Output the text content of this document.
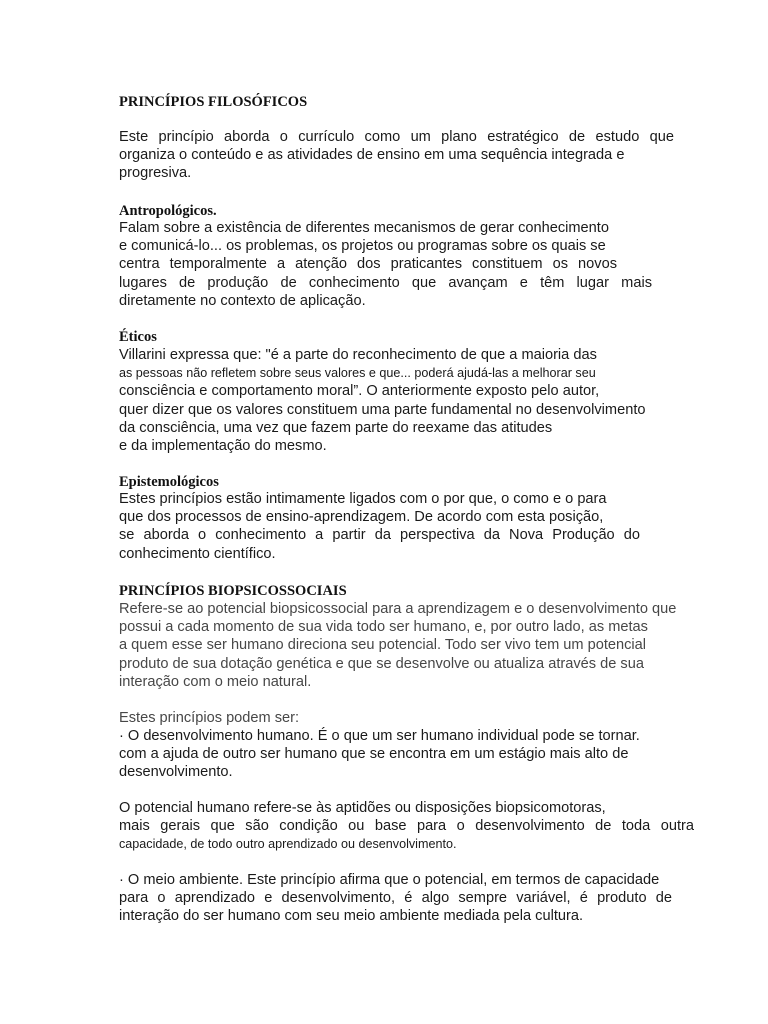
PRINCÍPIOS FILOSÓFICOS
Este princípio aborda o currículo como um plano estratégico de estudo que
organiza o conteúdo e as atividades de ensino em uma sequência integrada e
progresiva.
Antropológicos.
Falam sobre a existência de diferentes mecanismos de gerar conhecimento
e comunicá-lo... os problemas, os projetos ou programas sobre os quais se
centra temporalmente a atenção dos praticantes constituem os novos
lugares de produção de conhecimento que avançam e têm lugar mais
diretamente no contexto de aplicação.
Éticos
Villarini expressa que: "é a parte do reconhecimento de que a maioria das
as pessoas não refletem sobre seus valores e que... poderá ajudá-las a melhorar seu
consciência e comportamento moral”. O anteriormente exposto pelo autor,
quer dizer que os valores constituem uma parte fundamental no desenvolvimento
da consciência, uma vez que fazem parte do reexame das atitudes
e da implementação do mesmo.
Epistemológicos
Estes princípios estão intimamente ligados com o por que, o como e o para
que dos processos de ensino-aprendizagem. De acordo com esta posição,
se aborda o conhecimento a partir da perspectiva da Nova Produção do
conhecimento científico.
PRINCÍPIOS BIOPSICOSSOCIAIS
Refere-se ao potencial biopsicossocial para a aprendizagem e o desenvolvimento que
possui a cada momento de sua vida todo ser humano, e, por outro lado, as metas
a quem esse ser humano direciona seu potencial. Todo ser vivo tem um potencial
produto de sua dotação genética e que se desenvolve ou atualiza através de sua
interação com o meio natural.
Estes princípios podem ser:
· O desenvolvimento humano. É o que um ser humano individual pode se tornar.
com a ajuda de outro ser humano que se encontra em um estágio mais alto de
desenvolvimento.
O potencial humano refere-se às aptidões ou disposições biopsicomotoras,
mais gerais que são condição ou base para o desenvolvimento de toda outra
capacidade, de todo outro aprendizado ou desenvolvimento.
· O meio ambiente. Este princípio afirma que o potencial, em termos de capacidade
para o aprendizado e desenvolvimento, é algo sempre variável, é produto de
interação do ser humano com seu meio ambiente mediada pela cultura.
